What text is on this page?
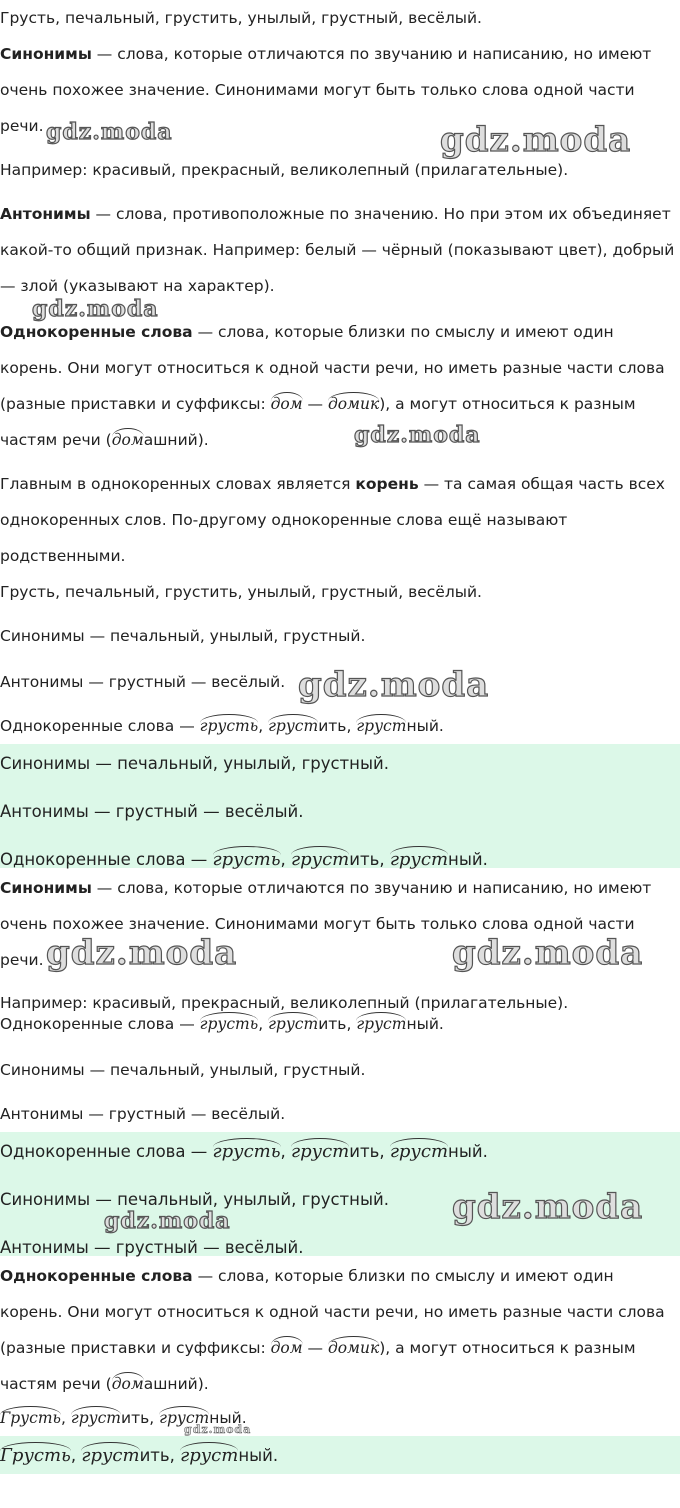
Грусть, печальный, грустить, унылый, грустный, весёлый.
Синонимы — слова, которые отличаются по звучанию и написанию, но имеют очень похожее значение. Синонимами могут быть только слова одной части речи.
Например: красивый, прекрасный, великолепный (прилагательные).
Антонимы — слова, противоположные по значению. Но при этом их объединяет какой-то общий признак. Например: белый — чёрный (показывают цвет), добрый — злой (указывают на характер).
Однокоренные слова — слова, которые близки по смыслу и имеют один корень. Они могут относиться к одной части речи, но иметь разные части слова (разные приставки и суффиксы: дом — домик), а могут относиться к разным частям речи (домашний).
Главным в однокоренных словах является корень — та самая общая часть всех однокоренных слов. По-другому однокоренные слова ещё называют родственными.
Грусть, печальный, грустить, унылый, грустный, весёлый.
Синонимы — печальный, унылый, грустный.
Антонимы — грустный — весёлый.
Однокоренные слова — грусть, грустить, грустный.
Синонимы — печальный, унылый, грустный.
Антонимы — грустный — весёлый.
Однокоренные слова — грусть, грустить, грустный.
Синонимы — слова, которые отличаются по звучанию и написанию, но имеют очень похожее значение. Синонимами могут быть только слова одной части речи.
Например: красивый, прекрасный, великолепный (прилагательные).
Однокоренные слова — грусть, грустить, грустный.
Синонимы — печальный, унылый, грустный.
Антонимы — грустный — весёлый.
Однокоренные слова — грусть, грустить, грустный.
Синонимы — печальный, унылый, грустный.
Антонимы — грустный — весёлый.
Однокоренные слова — слова, которые близки по смыслу и имеют один корень. Они могут относиться к одной части речи, но иметь разные части слова (разные приставки и суффиксы: дом — домик), а могут относиться к разным частям речи (домашний).
Грусть, грустить, грустный.
Грусть, грустить, грустный.
gdz.moda	gdz.moda
gdz.moda
gdz.moda
gdz.moda
gdz.moda	gdz.moda
gdz.moda
gdz.moda
gdz.moda
